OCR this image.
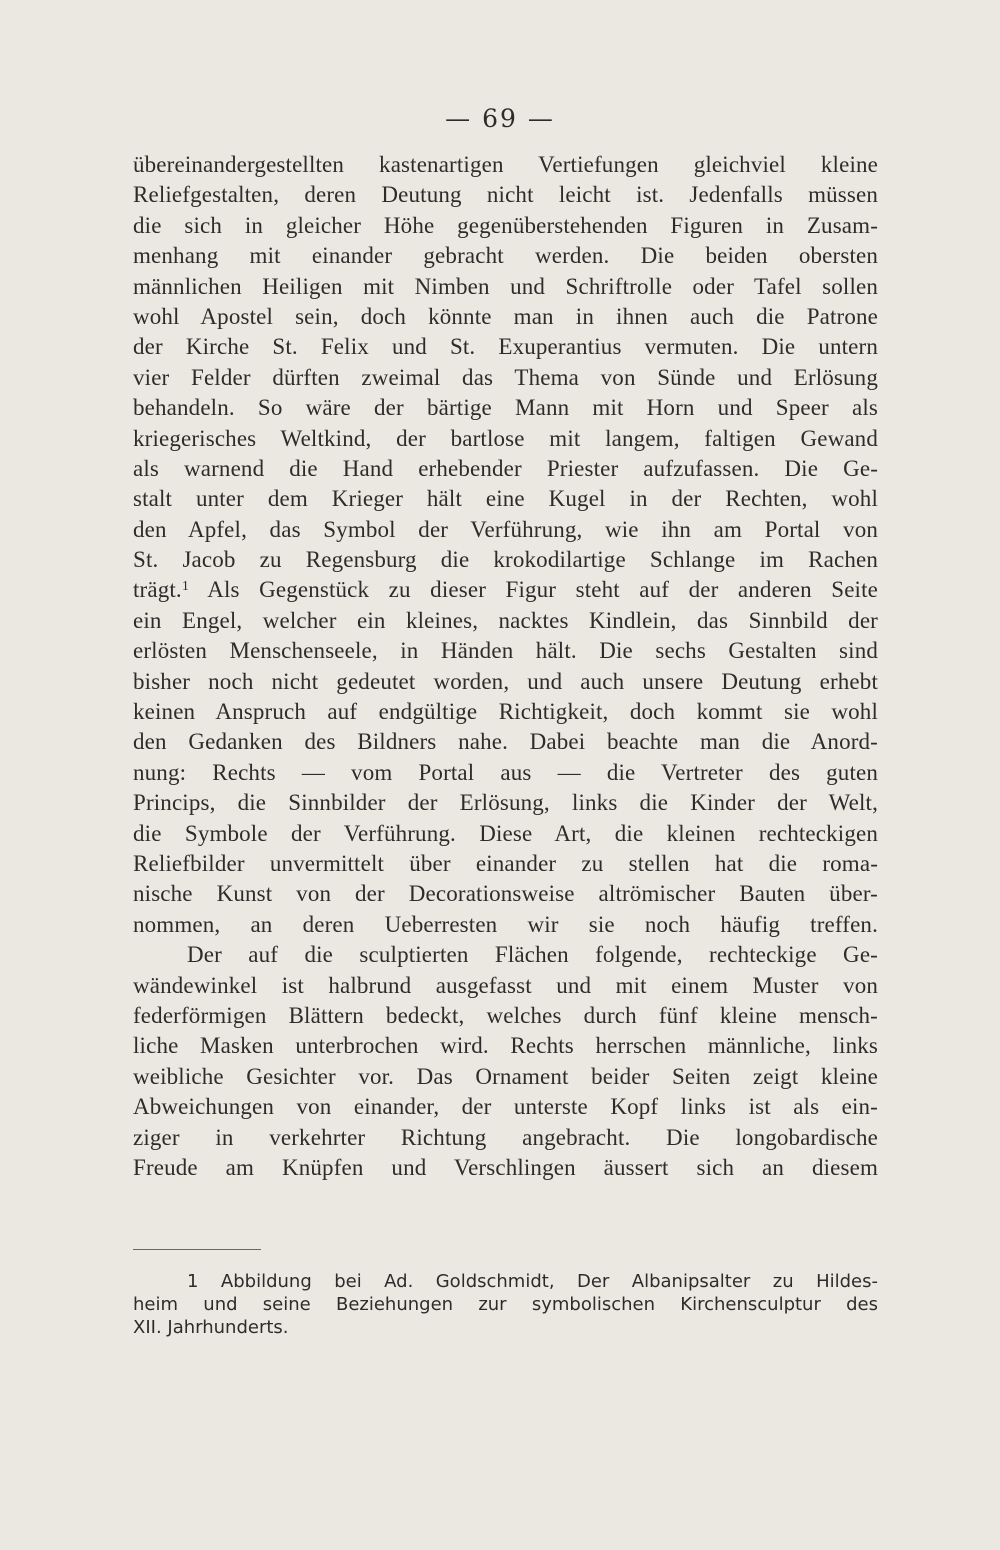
— 69 —
übereinandergestellten kastenartigen Vertiefungen gleichviel kleine
Reliefgestalten, deren Deutung nicht leicht ist. Jedenfalls müssen
die sich in gleicher Höhe gegenüberstehenden Figuren in Zusam-
menhang mit einander gebracht werden. Die beiden obersten
männlichen Heiligen mit Nimben und Schriftrolle oder Tafel sollen
wohl Apostel sein, doch könnte man in ihnen auch die Patrone
der Kirche St. Felix und St. Exuperantius vermuten. Die untern
vier Felder dürften zweimal das Thema von Sünde und Erlösung
behandeln. So wäre der bärtige Mann mit Horn und Speer als
kriegerisches Weltkind, der bartlose mit langem, faltigen Gewand
als warnend die Hand erhebender Priester aufzufassen. Die Ge-
stalt unter dem Krieger hält eine Kugel in der Rechten, wohl
den Apfel, das Symbol der Verführung, wie ihn am Portal von
St. Jacob zu Regensburg die krokodilartige Schlange im Rachen
trägt.$^1$ Als Gegenstück zu dieser Figur steht auf der anderen Seite
ein Engel, welcher ein kleines, nacktes Kindlein, das Sinnbild der
erlösten Menschenseele, in Händen hält. Die sechs Gestalten sind
bisher noch nicht gedeutet worden, und auch unsere Deutung erhebt
keinen Anspruch auf endgültige Richtigkeit, doch kommt sie wohl
den Gedanken des Bildners nahe. Dabei beachte man die Anord-
nung: Rechts — vom Portal aus — die Vertreter des guten
Princips, die Sinnbilder der Erlösung, links die Kinder der Welt,
die Symbole der Verführung. Diese Art, die kleinen rechteckigen
Reliefbilder unvermittelt über einander zu stellen hat die roma-
nische Kunst von der Decorationsweise altrömischer Bauten über-
nommen, an deren Ueberresten wir sie noch häufig treffen.
Der auf die sculptierten Flächen folgende, rechteckige Ge-
wändewinkel ist halbrund ausgefasst und mit einem Muster von
federförmigen Blättern bedeckt, welches durch fünf kleine mensch-
liche Masken unterbrochen wird. Rechts herrschen männliche, links
weibliche Gesichter vor. Das Ornament beider Seiten zeigt kleine
Abweichungen von einander, der unterste Kopf links ist als ein-
ziger in verkehrter Richtung angebracht. Die longobardische
Freude am Knüpfen und Verschlingen äussert sich an diesem
1 Abbildung bei Ad. Goldschmidt, Der Albanipsalter zu Hildes-
heim und seine Beziehungen zur symbolischen Kirchensculptur des
XII. Jahrhunderts.
